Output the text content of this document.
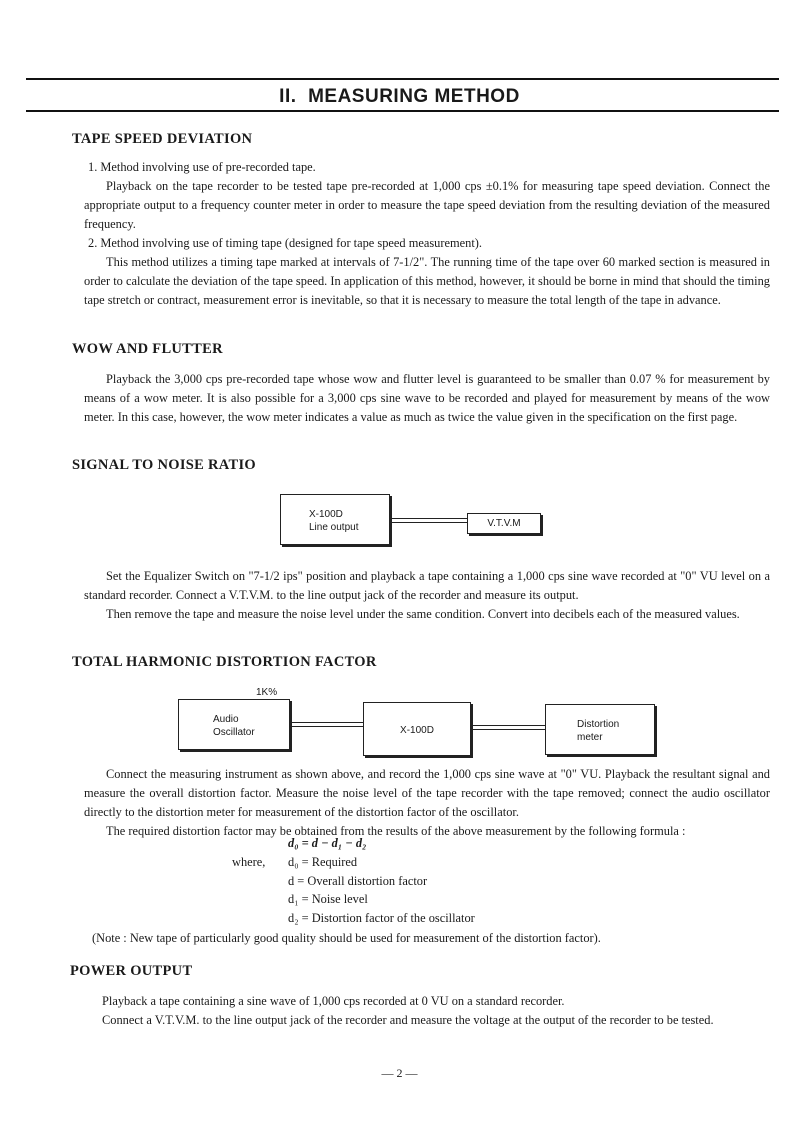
II. MEASURING METHOD
TAPE SPEED DEVIATION

1. Method involving use of pre-recorded tape.

Playback on the tape recorder to be tested tape pre-recorded at 1,000 cps ±0.1% for measuring tape speed deviation. Connect the appropriate output to a frequency counter meter in order to measure the tape speed deviation from the resulting deviation of the measured frequency.

2. Method involving use of timing tape (designed for tape speed measurement).

This method utilizes a timing tape marked at intervals of 7-1/2". The running time of the tape over 60 marked section is measured in order to calculate the deviation of the tape speed. In application of this method, however, it should be borne in mind that should the timing tape stretch or contract, measurement error is inevitable, so that it is necessary to measure the total length of the tape in advance.

WOW AND FLUTTER

Playback the 3,000 cps pre-recorded tape whose wow and flutter level is guaranteed to be smaller than 0.07 % for measurement by means of a wow meter. It is also possible for a 3,000 cps sine wave to be recorded and played for measurement by means of the wow meter. In this case, however, the wow meter indicates a value as much as twice the value given in the specification on the first page.

SIGNAL TO NOISE RATIO
X-100D
Line output	V.T.V.M

Set the Equalizer Switch on "7-1/2 ips" position and playback a tape containing a 1,000 cps sine wave recorded at "0" VU level on a standard recorder. Connect a V.T.V.M. to the line output jack of the recorder and measure its output.

Then remove the tape and measure the noise level under the same condition. Convert into decibels each of the measured values.

TOTAL HARMONIC DISTORTION FACTOR
1K%
Audio
Oscillator	X-100D
Distortion
meter

Connect the measuring instrument as shown above, and record the 1,000 cps sine wave at "0" VU. Playback the resultant signal and measure the overall distortion factor. Measure the noise level of the tape recorder with the tape removed; connect the audio oscillator directly to the distortion meter for measurement of the distortion factor of the oscillator.

The required distortion factor may be obtained from the results of the above measurement by the following formula :

d₀ = d − d₁ − d₂
where, d₀ = Required
d = Overall distortion factor
d₁ = Noise level
d₂ = Distortion factor of the oscillator
(Note : New tape of particularly good quality should be used for measurement of the distortion factor).
POWER OUTPUT

Playback a tape containing a sine wave of 1,000 cps recorded at 0 VU on a standard recorder.

Connect a V.T.V.M. to the line output jack of the recorder and measure the voltage at the output of the recorder to be tested.

— 2 —
